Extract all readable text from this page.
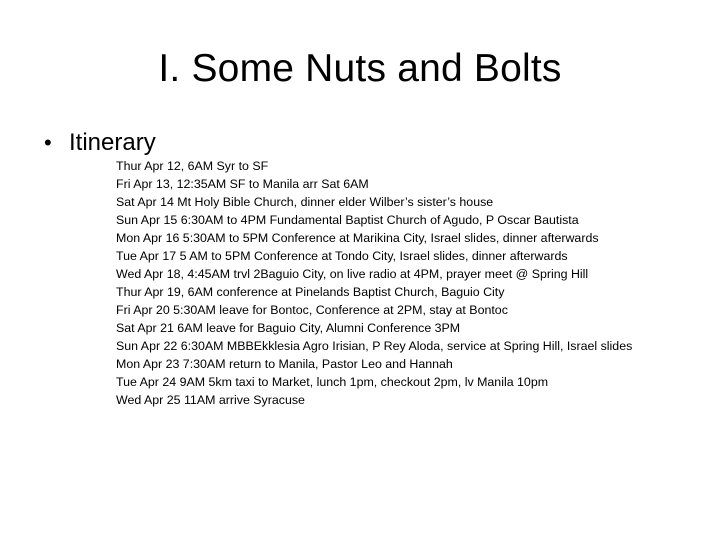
I. Some Nuts and Bolts
• Itinerary
Thur Apr 12, 6AM Syr to SF
Fri Apr 13, 12:35AM SF to Manila arr Sat 6AM
Sat Apr 14 Mt Holy Bible Church, dinner elder Wilber’s sister’s house
Sun Apr 15 6:30AM to 4PM Fundamental Baptist Church of Agudo, P Oscar Bautista
Mon Apr 16 5:30AM to 5PM Conference at Marikina City, Israel slides, dinner afterwards
Tue Apr 17 5 AM to 5PM Conference at Tondo City, Israel slides, dinner afterwards
Wed Apr 18, 4:45AM trvl 2Baguio City, on live radio at 4PM, prayer meet @ Spring Hill
Thur Apr 19, 6AM conference at Pinelands Baptist Church, Baguio City
Fri Apr 20 5:30AM leave for Bontoc, Conference at 2PM, stay at Bontoc
Sat Apr 21 6AM leave for Baguio City, Alumni Conference 3PM
Sun Apr 22 6:30AM MBBEkklesia Agro Irisian, P Rey Aloda, service at Spring Hill, Israel slides
Mon Apr 23 7:30AM return to Manila, Pastor Leo and Hannah
Tue Apr 24 9AM 5km taxi to Market, lunch 1pm, checkout 2pm, lv Manila 10pm
Wed Apr 25 11AM arrive Syracuse
